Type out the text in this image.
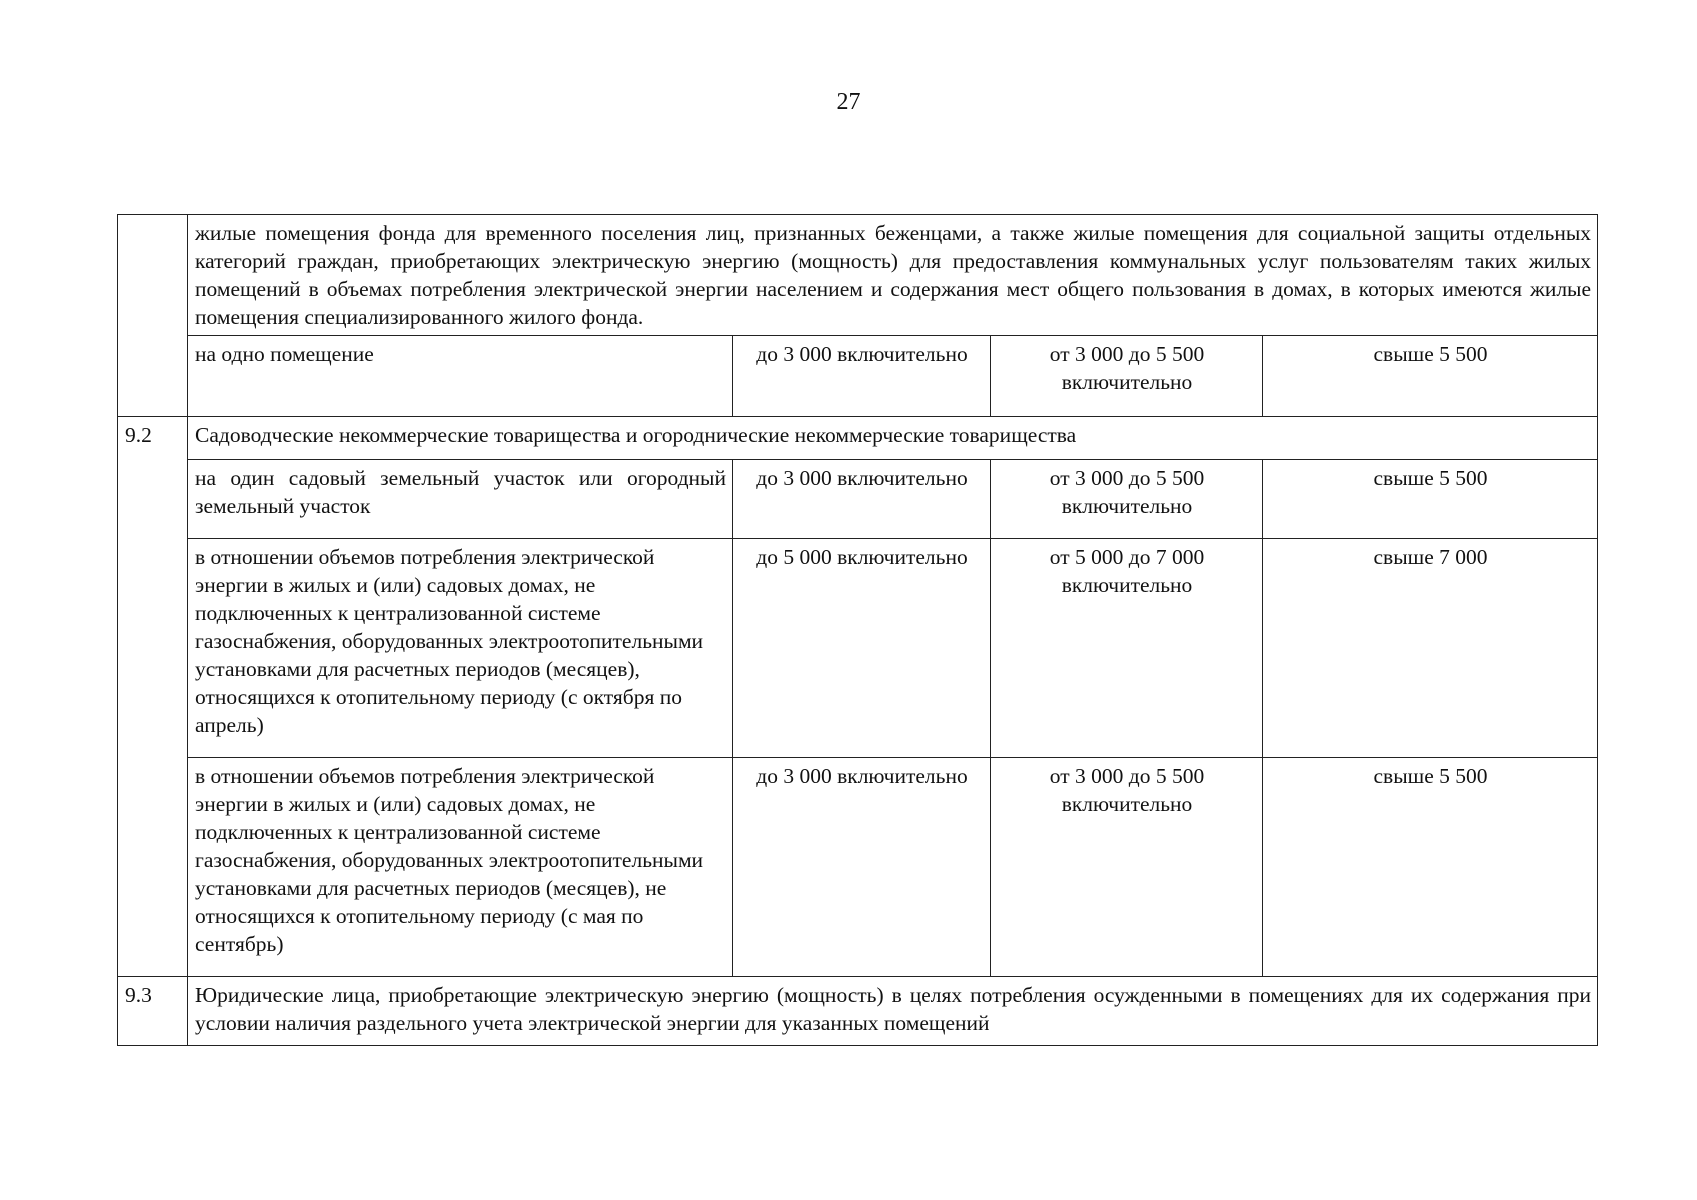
27
	жилые помещения фонда для временного поселения лиц, признанных беженцами, а также жилые помещения для социальной защиты отдельных категорий граждан, приобретающих электрическую энергию (мощность) для предоставления коммунальных услуг пользователям таких жилых помещений в объемах потребления электрической энергии населением и содержания мест общего пользования в домах, в которых имеются жилые помещения специализированного жилого фонда.			
	на одно помещение	до 3 000 включительно	от 3 000 до 5 500 включительно	свыше 5 500
9.2	Садоводческие некоммерческие товарищества и огороднические некоммерческие товарищества			
	на один садовый земельный участок или огородный земельный участок	до 3 000 включительно	от 3 000 до 5 500 включительно	свыше 5 500
	в отношении объемов потребления электрической энергии в жилых и (или) садовых домах, не подключенных к централизованной системе газоснабжения, оборудованных электроотопительными установками для расчетных периодов (месяцев), относящихся к отопительному периоду (с октября по апрель)	до 5 000 включительно	от 5 000 до 7 000 включительно	свыше 7 000
	в отношении объемов потребления электрической энергии в жилых и (или) садовых домах, не подключенных к централизованной системе газоснабжения, оборудованных электроотопительными установками для расчетных периодов (месяцев), не относящихся к отопительному периоду (с мая по сентябрь)	до 3 000 включительно	от 3 000 до 5 500 включительно	свыше 5 500
9.3	Юридические лица, приобретающие электрическую энергию (мощность) в целях потребления осужденными в помещениях для их содержания при условии наличия раздельного учета электрической энергии для указанных помещений			
